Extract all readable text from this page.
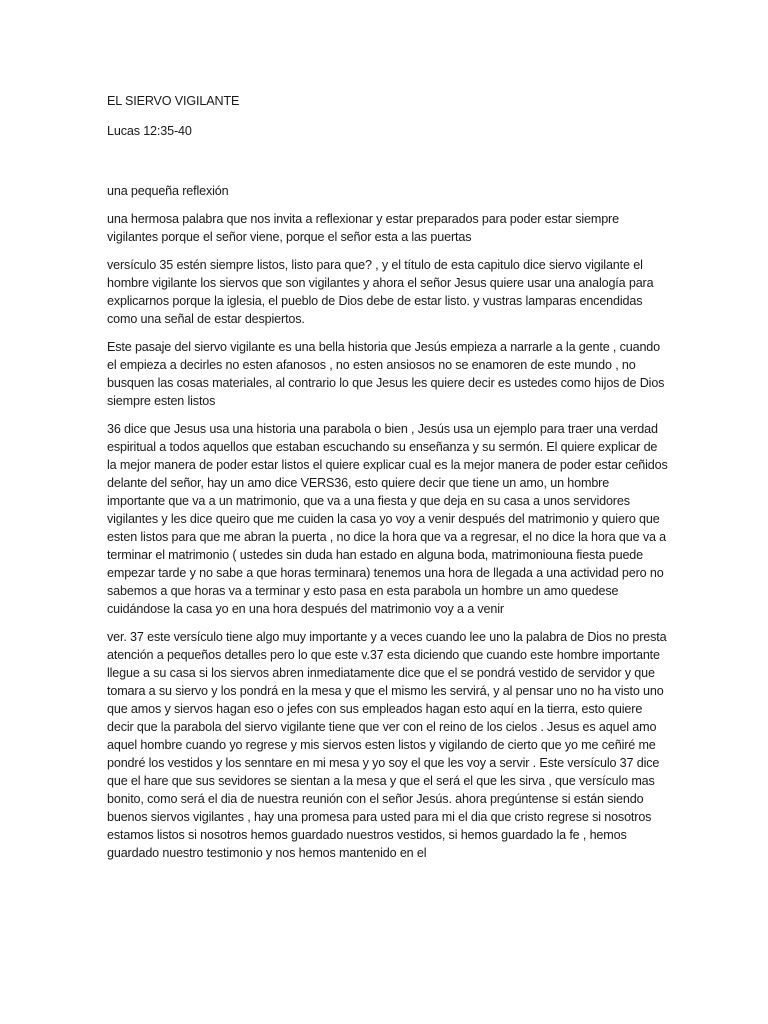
EL SIERVO VIGILANTE
Lucas 12:35-40

una pequeña reflexión

una hermosa palabra que nos invita a reflexionar y estar preparados para poder estar siempre vigilantes porque el señor viene, porque el señor esta a las puertas

versículo 35 estén siempre listos, listo para que? , y el título de esta capitulo dice siervo vigilante el hombre vigilante los siervos que son vigilantes y ahora el señor Jesus quiere usar una analogía para explicarnos porque la iglesia, el pueblo de Dios debe de estar listo. y vustras lamparas encendidas como una señal de estar despiertos.

Este pasaje del siervo vigilante es una bella historia que Jesús empieza a narrarle a la gente , cuando el empieza a decirles no esten afanosos , no esten ansiosos no se enamoren de este mundo , no busquen las cosas materiales, al contrario lo que Jesus les quiere decir es ustedes como hijos de Dios siempre esten listos

36 dice que Jesus usa una historia una parabola o bien , Jesús usa un ejemplo para traer una verdad espiritual a todos aquellos que estaban escuchando su enseñanza y su sermón. El quiere explicar de la mejor manera de poder estar listos el quiere explicar cual es la mejor manera de poder estar ceñidos delante del señor, hay un amo dice VERS36, esto quiere decir que tiene un amo, un hombre importante que va a un matrimonio, que va a una fiesta y que deja en su casa a unos servidores vigilantes y les dice queiro que me cuiden la casa yo voy a venir después del matrimonio y quiero que esten listos para que me abran la puerta , no dice la hora que va a regresar, el no dice la hora que va a terminar el matrimonio ( ustedes sin duda han estado en alguna boda, matrimoniouna fiesta puede empezar tarde y no sabe a que horas terminara) tenemos una hora de llegada a una actividad pero no sabemos a que horas va a terminar y esto pasa en esta parabola un hombre un amo quedese cuidándose la casa yo en una hora después del matrimonio voy a a venir

ver. 37 este versículo tiene algo muy importante y a veces cuando lee uno la palabra de Dios no presta atención a pequeños detalles pero lo que este v.37 esta diciendo que cuando este hombre importante llegue a su casa si los siervos abren inmediatamente dice que el se pondrá vestido de servidor y que tomara a su siervo y los pondrá en la mesa y que el mismo les servirá, y al pensar uno no ha visto uno que amos y siervos hagan eso o jefes con sus empleados hagan esto aquí en la tierra, esto quiere decir que la parabola del siervo vigilante tiene que ver con el reino de los cielos . Jesus es aquel amo aquel hombre cuando yo regrese y mis siervos esten listos y vigilando de cierto que yo me ceñiré me pondré los vestidos y los senntare en mi mesa y yo soy el que les voy a servir . Este versículo 37 dice que el hare que sus sevidores se sientan a la mesa y que el será el que les sirva , que versículo mas bonito, como será el dia de nuestra reunión con el señor Jesús. ahora pregúntense si están siendo buenos siervos vigilantes , hay una promesa para usted para mi el dia que cristo regrese si nosotros estamos listos si nosotros hemos guardado nuestros vestidos, si hemos guardado la fe , hemos guardado nuestro testimonio y nos hemos mantenido en el
